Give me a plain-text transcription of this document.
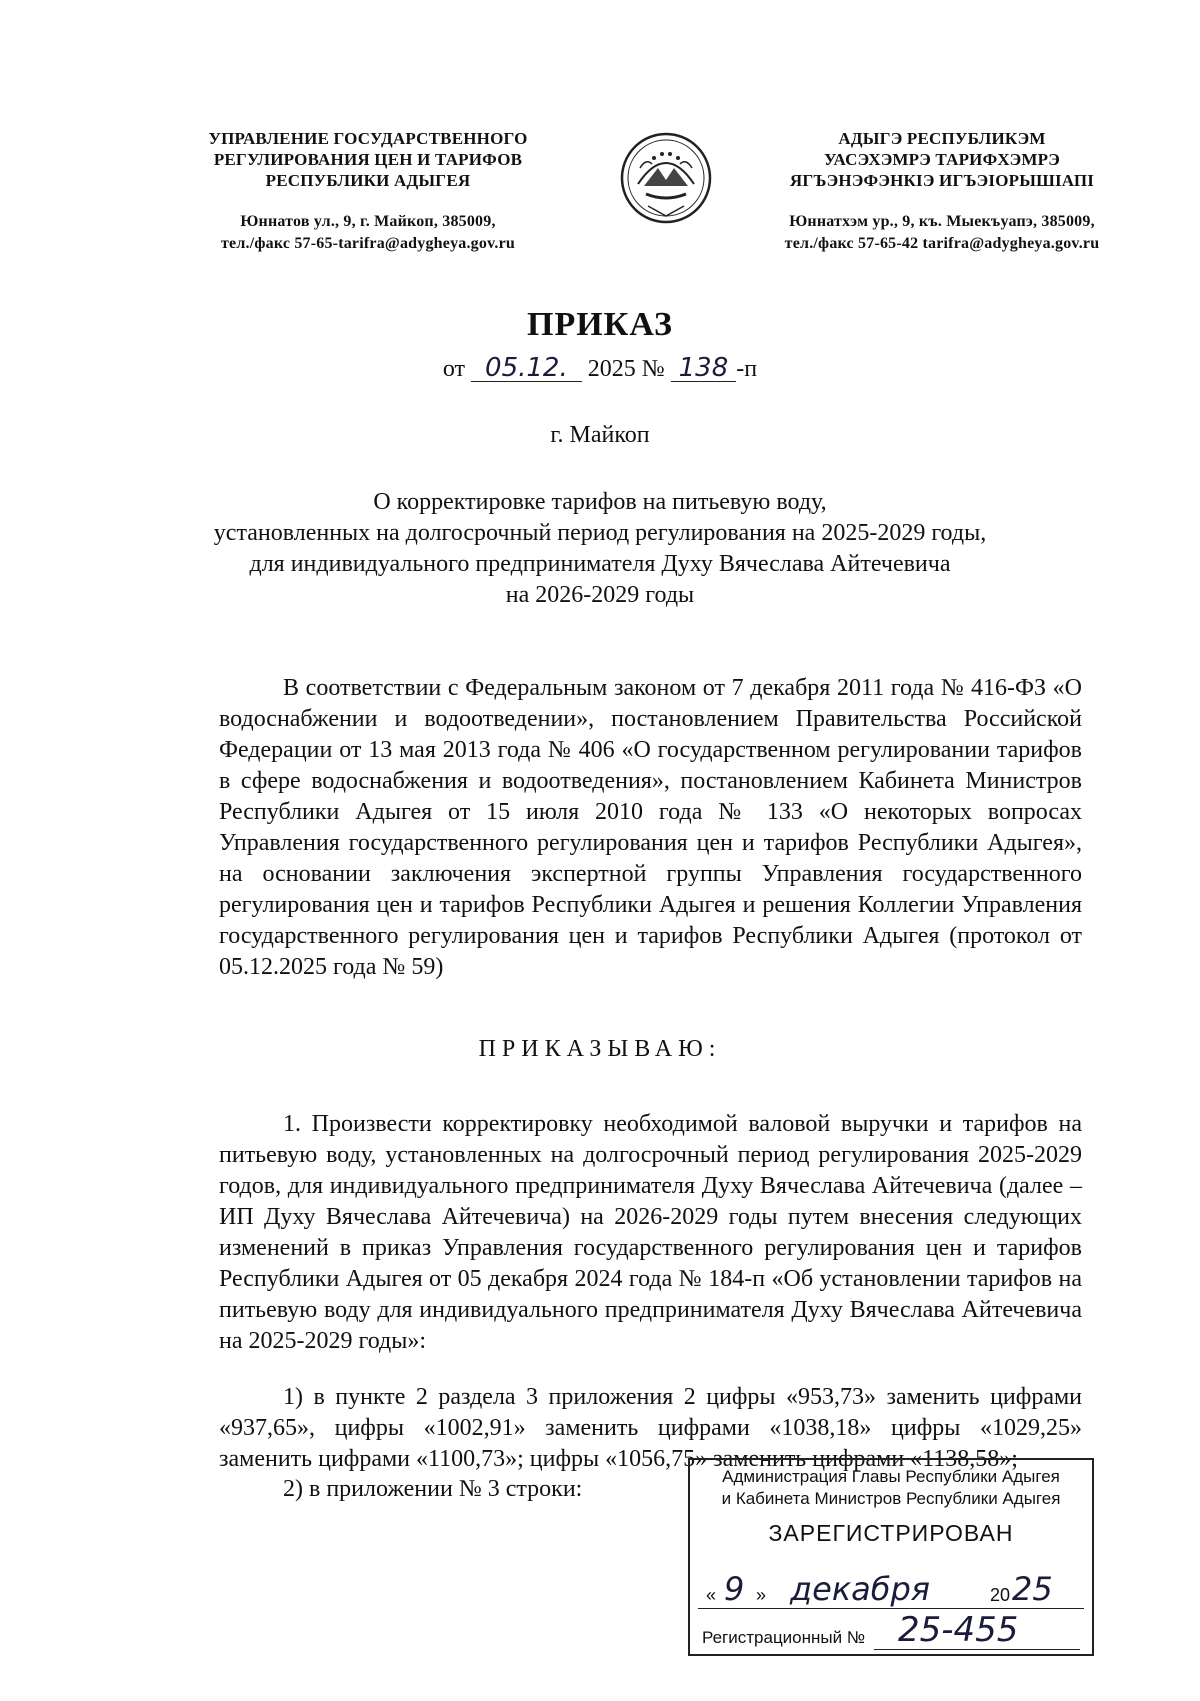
УПРАВЛЕНИЕ ГОСУДАРСТВЕННОГО
РЕГУЛИРОВАНИЯ ЦЕН И ТАРИФОВ
РЕСПУБЛИКИ АДЫГЕЯ
Юннатов ул., 9, г. Майкоп, 385009,
тел./факс 57-65-tarifra@adygheya.gov.ru
АДЫГЭ РЕСПУБЛИКЭМ
УАСЭХЭМРЭ ТАРИФХЭМРЭ
ЯГЪЭНЭФЭНКIЭ ИГЪЭIОРЫШIАПI
Юннатхэм ур., 9, къ. Мыекъуапэ, 385009,
тел./факс 57-65-42 tarifra@adygheya.gov.ru
ПРИКАЗ
от 05.12. 2025 № 138 -п
г. Майкоп
О корректировке тарифов на питьевую воду,
установленных на долгосрочный период регулирования на 2025-2029 годы,
для индивидуального предпринимателя Духу Вячеслава Айтечевича
на 2026-2029 годы
В соответствии с Федеральным законом от 7 декабря 2011 года № 416-ФЗ «О водоснабжении и водоотведении», постановлением Правительства Российской Федерации от 13 мая 2013 года № 406 «О государственном регулировании тарифов в сфере водоснабжения и водоотведения», постановлением Кабинета Министров Республики Адыгея от 15 июля 2010 года № 133 «О некоторых вопросах Управления государственного регулирования цен и тарифов Республики Адыгея», на основании заключения экспертной группы Управления государственного регулирования цен и тарифов Республики Адыгея и решения Коллегии Управления государственного регулирования цен и тарифов Республики Адыгея (протокол от 05.12.2025 года № 59)
ПРИКАЗЫВАЮ:
1. Произвести корректировку необходимой валовой выручки и тарифов на питьевую воду, установленных на долгосрочный период регулирования 2025-2029 годов, для индивидуального предпринимателя Духу Вячеслава Айтечевича (далее – ИП Духу Вячеслава Айтечевича) на 2026-2029 годы путем внесения следующих изменений в приказ Управления государственного регулирования цен и тарифов Республики Адыгея от 05 декабря 2024 года № 184-п «Об установлении тарифов на питьевую воду для индивидуального предпринимателя Духу Вячеслава Айтечевича на 2025-2029 годы»:
1) в пункте 2 раздела 3 приложения 2 цифры «953,73» заменить цифрами «937,65», цифры «1002,91» заменить цифрами «1038,18» цифры «1029,25» заменить цифрами «1100,73»; цифры «1056,75» заменить цифрами «1138,58»;
2) в приложении № 3 строки:	Администрация Главы Республики Адыгея
и Кабинета Министров Республики Адыгея
ЗАРЕГИСТРИРОВАН
« 9 » декабря	20 25
Регистрационный № 25-455
